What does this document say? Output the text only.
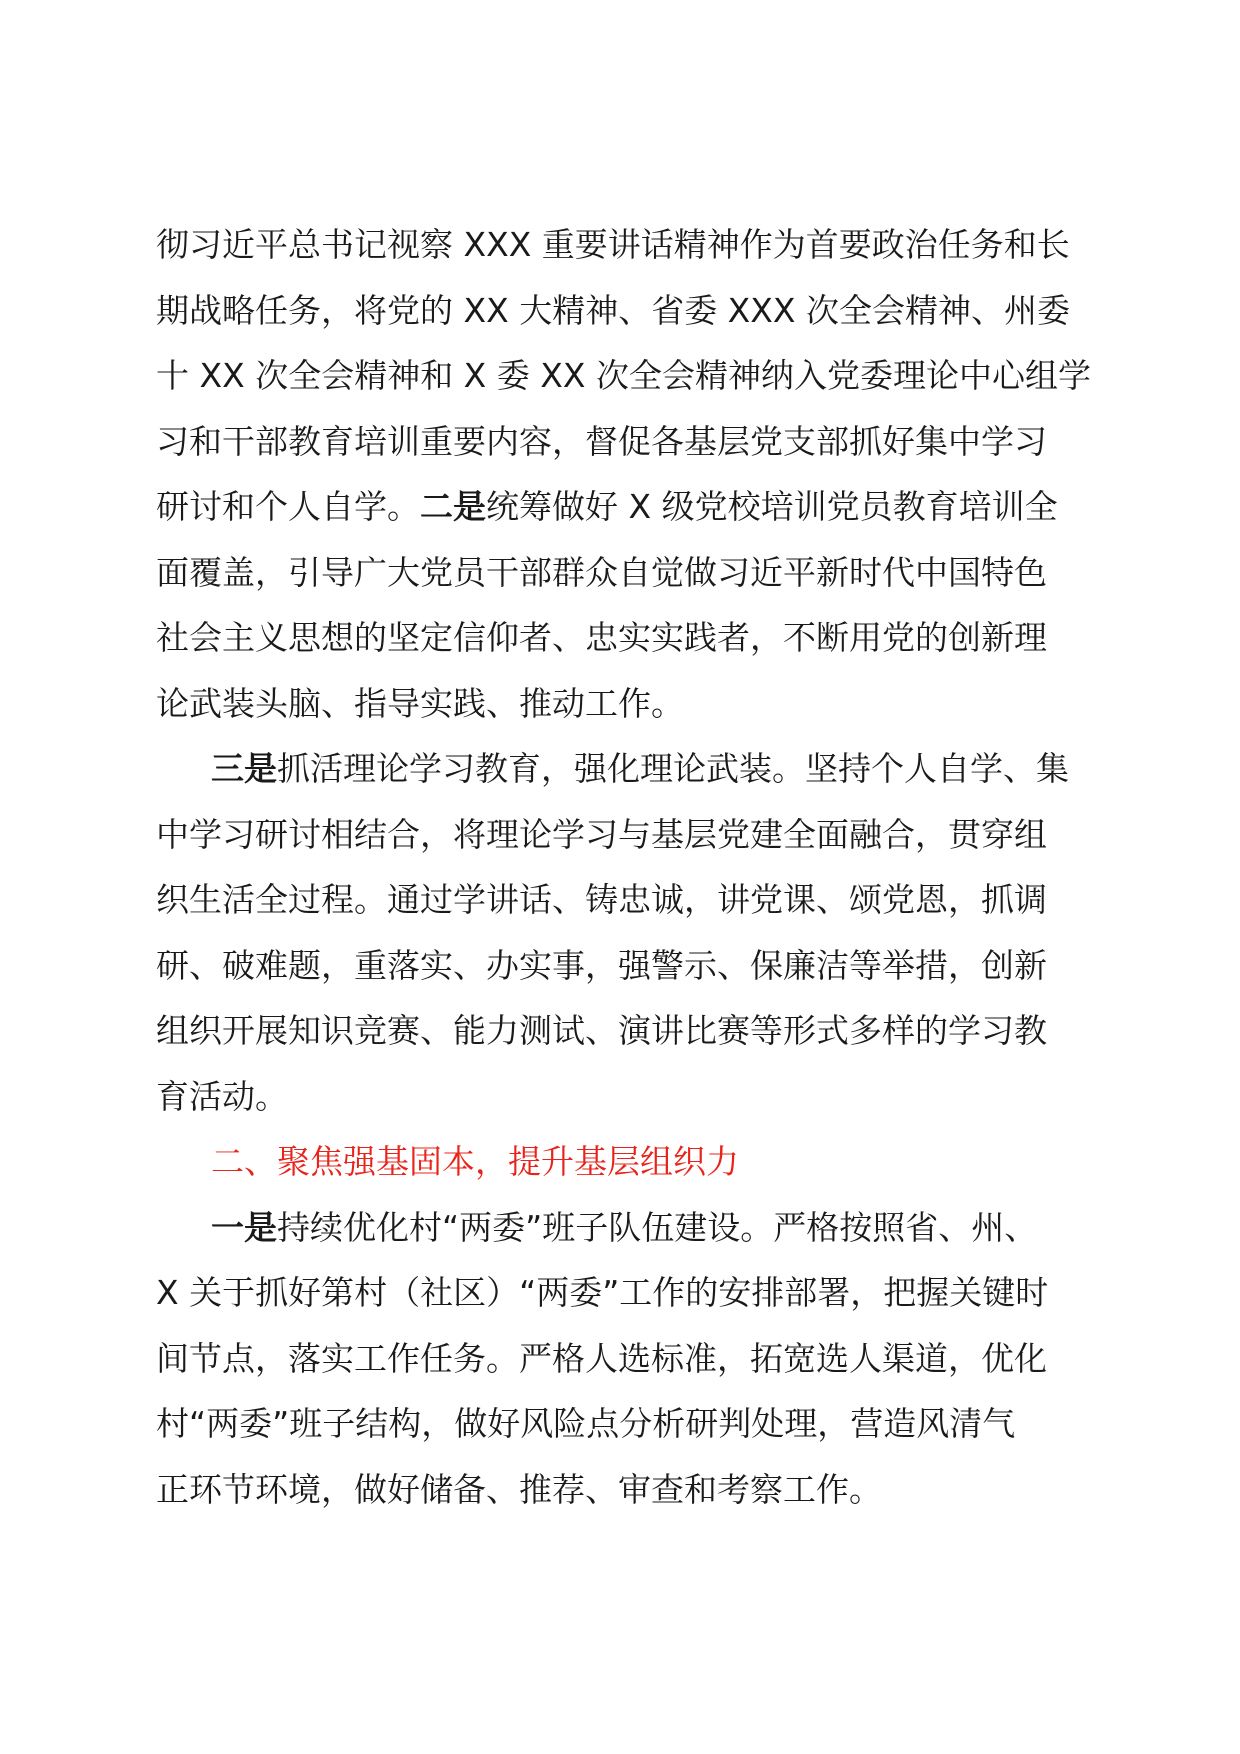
彻习近平总书记视察 XXX 重要讲话精神作为首要政治任务和长
期战略任务，将党的 XX 大精神、省委 XXX 次全会精神、州委
十 XX 次全会精神和 X 委 XX 次全会精神纳入党委理论中心组学
习和干部教育培训重要内容，督促各基层党支部抓好集中学习
研讨和个人自学。二是统筹做好 X 级党校培训党员教育培训全
面覆盖，引导广大党员干部群众自觉做习近平新时代中国特色
社会主义思想的坚定信仰者、忠实实践者，不断用党的创新理
论武装头脑、指导实践、推动工作。
三是抓活理论学习教育，强化理论武装。坚持个人自学、集
中学习研讨相结合，将理论学习与基层党建全面融合，贯穿组
织生活全过程。通过学讲话、铸忠诚，讲党课、颂党恩，抓调
研、破难题，重落实、办实事，强警示、保廉洁等举措，创新
组织开展知识竞赛、能力测试、演讲比赛等形式多样的学习教
育活动。
二、聚焦强基固本，提升基层组织力
一是持续优化村“两委”班子队伍建设。严格按照省、州、
X 关于抓好第村（社区）“两委”工作的安排部署，把握关键时
间节点，落实工作任务。严格人选标准，拓宽选人渠道，优化
村“两委”班子结构，做好风险点分析研判处理，营造风清气
正环节环境，做好储备、推荐、审查和考察工作。
